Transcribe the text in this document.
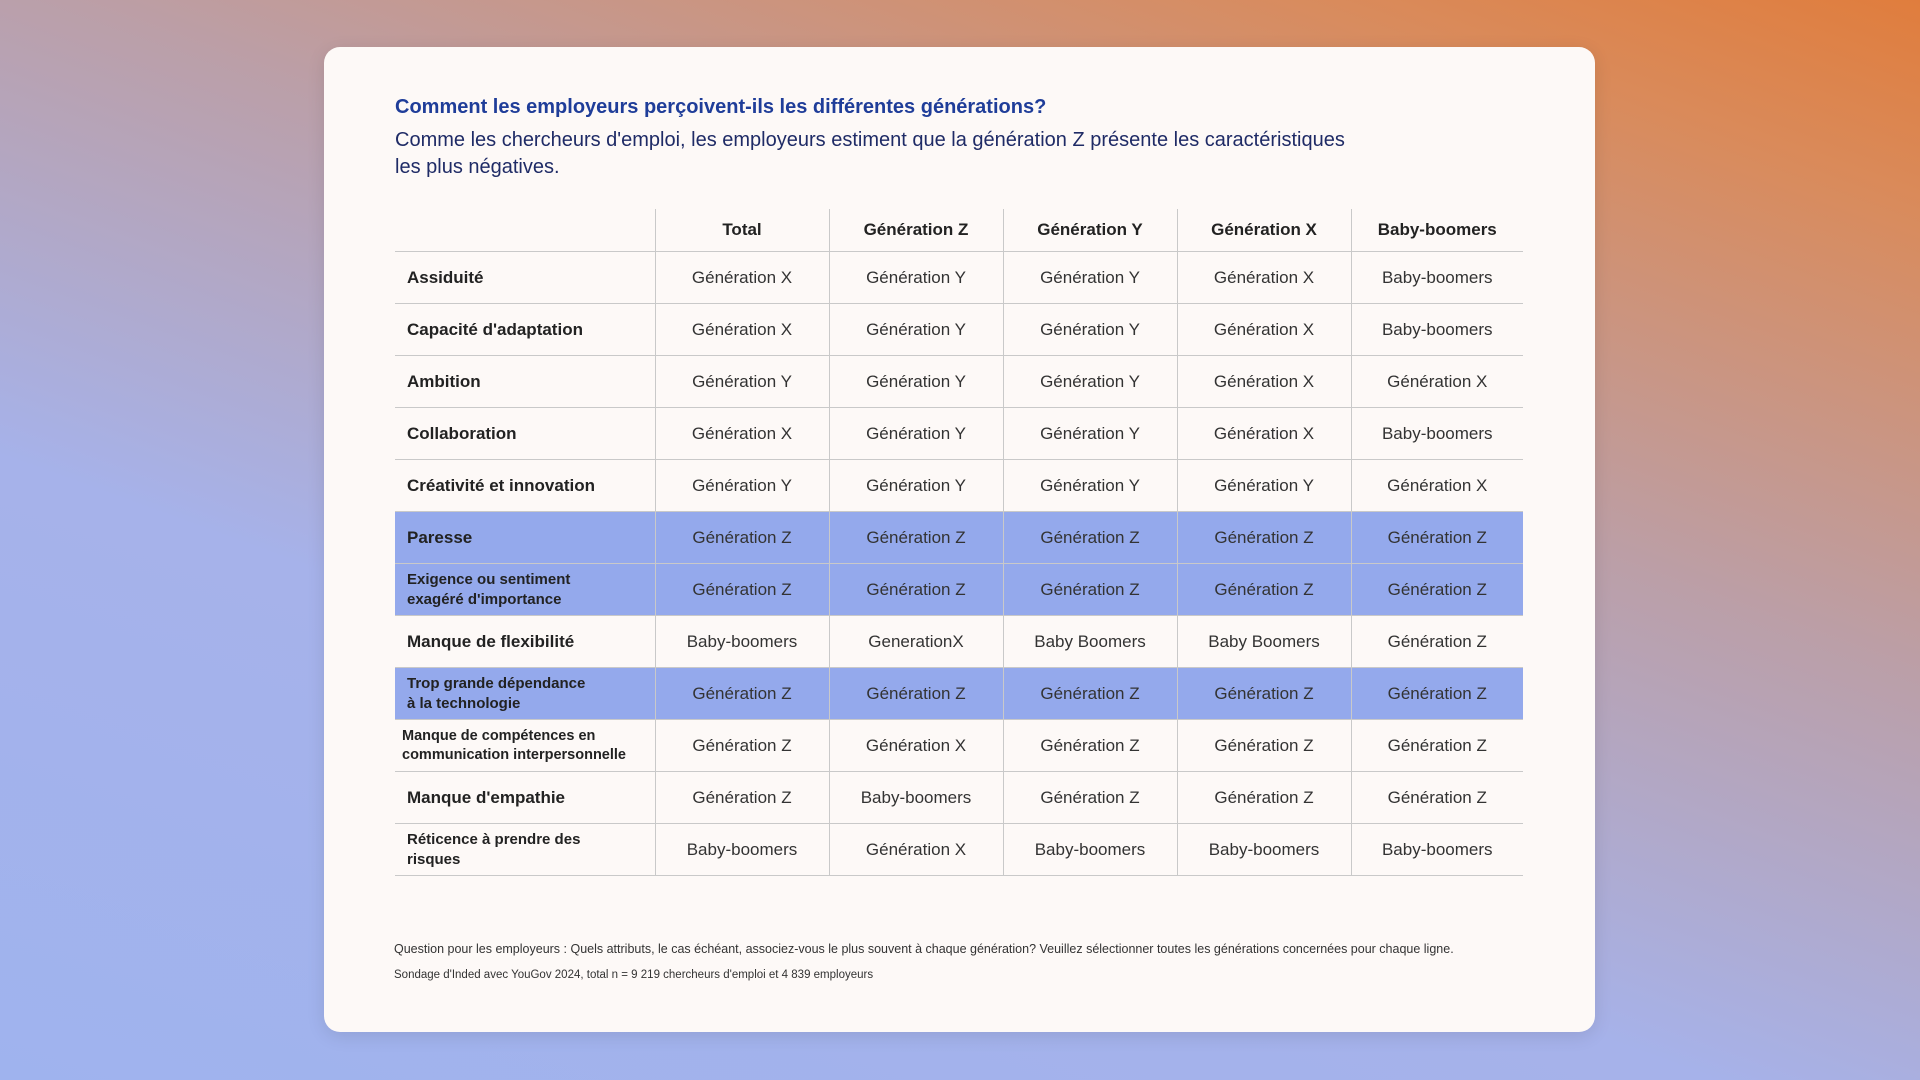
Comment les employeurs perçoivent-ils les différentes générations?

Comme les chercheurs d'emploi, les employeurs estiment que la génération Z présente les caractéristiques
les plus négatives.

	Total	Génération Z	Génération Y	Génération X	Baby-boomers
Assiduité	Génération X	Génération Y	Génération Y	Génération X	Baby-boomers
Capacité d'adaptation	Génération X	Génération Y	Génération Y	Génération X	Baby-boomers
Ambition	Génération Y	Génération Y	Génération Y	Génération X	Génération X
Collaboration	Génération X	Génération Y	Génération Y	Génération X	Baby-boomers
Créativité et innovation	Génération Y	Génération Y	Génération Y	Génération Y	Génération X
Paresse	Génération Z	Génération Z	Génération Z	Génération Z	Génération Z
Exigence ou sentiment
exagéré d'importance	Génération Z	Génération Z	Génération Z	Génération Z	Génération Z
Manque de flexibilité	Baby-boomers	GenerationX	Baby Boomers	Baby Boomers	Génération Z
Trop grande dépendance
à la technologie	Génération Z	Génération Z	Génération Z	Génération Z	Génération Z
Manque de compétences en
communication interpersonnelle	Génération Z	Génération X	Génération Z	Génération Z	Génération Z
Manque d'empathie	Génération Z	Baby-boomers	Génération Z	Génération Z	Génération Z
Réticence à prendre des
risques	Baby-boomers	Génération X	Baby-boomers	Baby-boomers	Baby-boomers

Question pour les employeurs : Quels attributs, le cas échéant, associez-vous le plus souvent à chaque génération? Veuillez sélectionner toutes les générations concernées pour chaque ligne.

Sondage d'Inded avec YouGov 2024, total n = 9 219 chercheurs d'emploi et 4 839 employeurs
